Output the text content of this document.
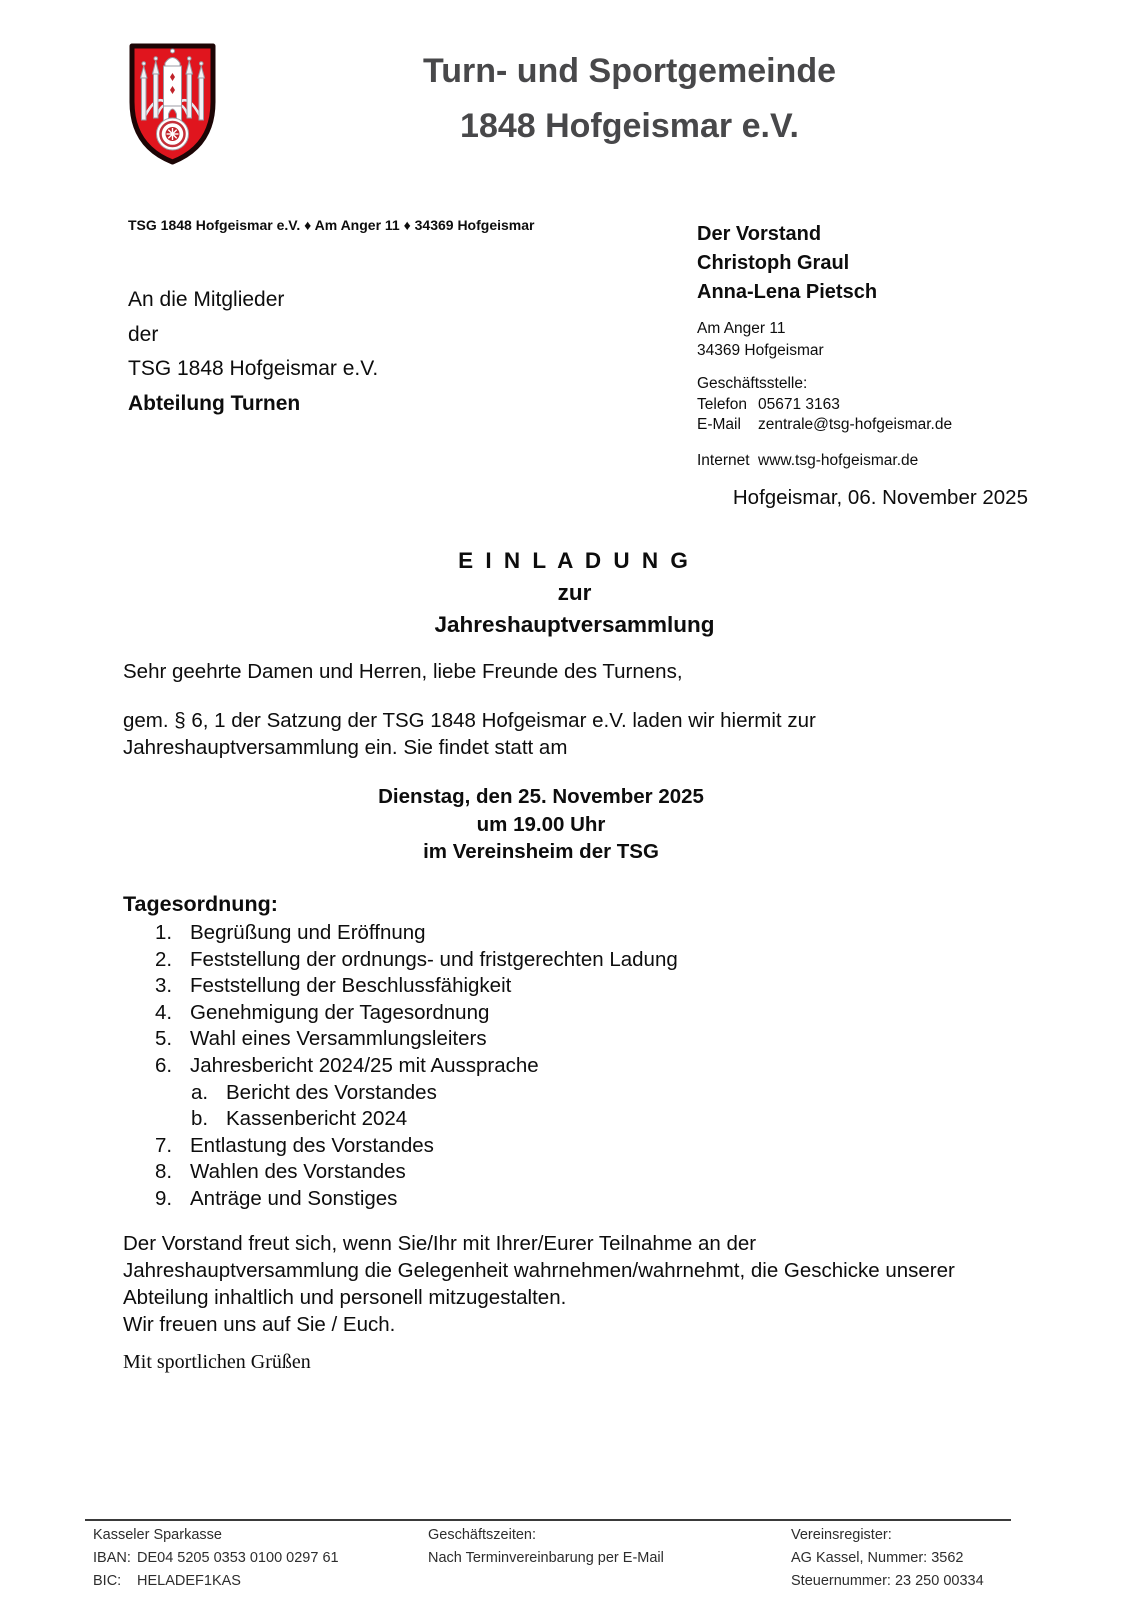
Turn- und Sportgemeinde
1848 Hofgeismar e.V.
TSG 1848 Hofgeismar e.V. ♦ Am Anger 11 ♦ 34369 Hofgeismar
An die Mitglieder
der
TSG 1848 Hofgeismar e.V.
Abteilung Turnen
Der Vorstand
Christoph Graul
Anna-Lena Pietsch
Am Anger 11
34369 Hofgeismar
Geschäftsstelle:
Telefon 05671 3163
E-Mail zentrale@tsg-hofgeismar.de
Internet www.tsg-hofgeismar.de
Hofgeismar, 06. November 2025
E I N L A D U N G
zur
Jahreshauptversammlung
Sehr geehrte Damen und Herren, liebe Freunde des Turnens,
gem. § 6, 1 der Satzung der TSG 1848 Hofgeismar e.V. laden wir hiermit zur
Jahreshauptversammlung ein. Sie findet statt am
Dienstag, den 25. November 2025
um 19.00 Uhr
im Vereinsheim der TSG
Tagesordnung:
1. Begrüßung und Eröffnung
2. Feststellung der ordnungs- und fristgerechten Ladung
3. Feststellung der Beschlussfähigkeit
4. Genehmigung der Tagesordnung
5. Wahl eines Versammlungsleiters
6. Jahresbericht 2024/25 mit Aussprache
a. Bericht des Vorstandes
b. Kassenbericht 2024
7. Entlastung des Vorstandes
8. Wahlen des Vorstandes
9. Anträge und Sonstiges
Der Vorstand freut sich, wenn Sie/Ihr mit Ihrer/Eurer Teilnahme an der
Jahreshauptversammlung die Gelegenheit wahrnehmen/wahrnehmt, die Geschicke unserer
Abteilung inhaltlich und personell mitzugestalten.
Wir freuen uns auf Sie / Euch.
Mit sportlichen Grüßen
Kasseler Sparkasse
IBAN: DE04 5205 0353 0100 0297 61
BIC: HELADEF1KAS
Geschäftszeiten:
Nach Terminvereinbarung per E-Mail
Vereinsregister:
AG Kassel, Nummer: 3562
Steuernummer: 23 250 00334
